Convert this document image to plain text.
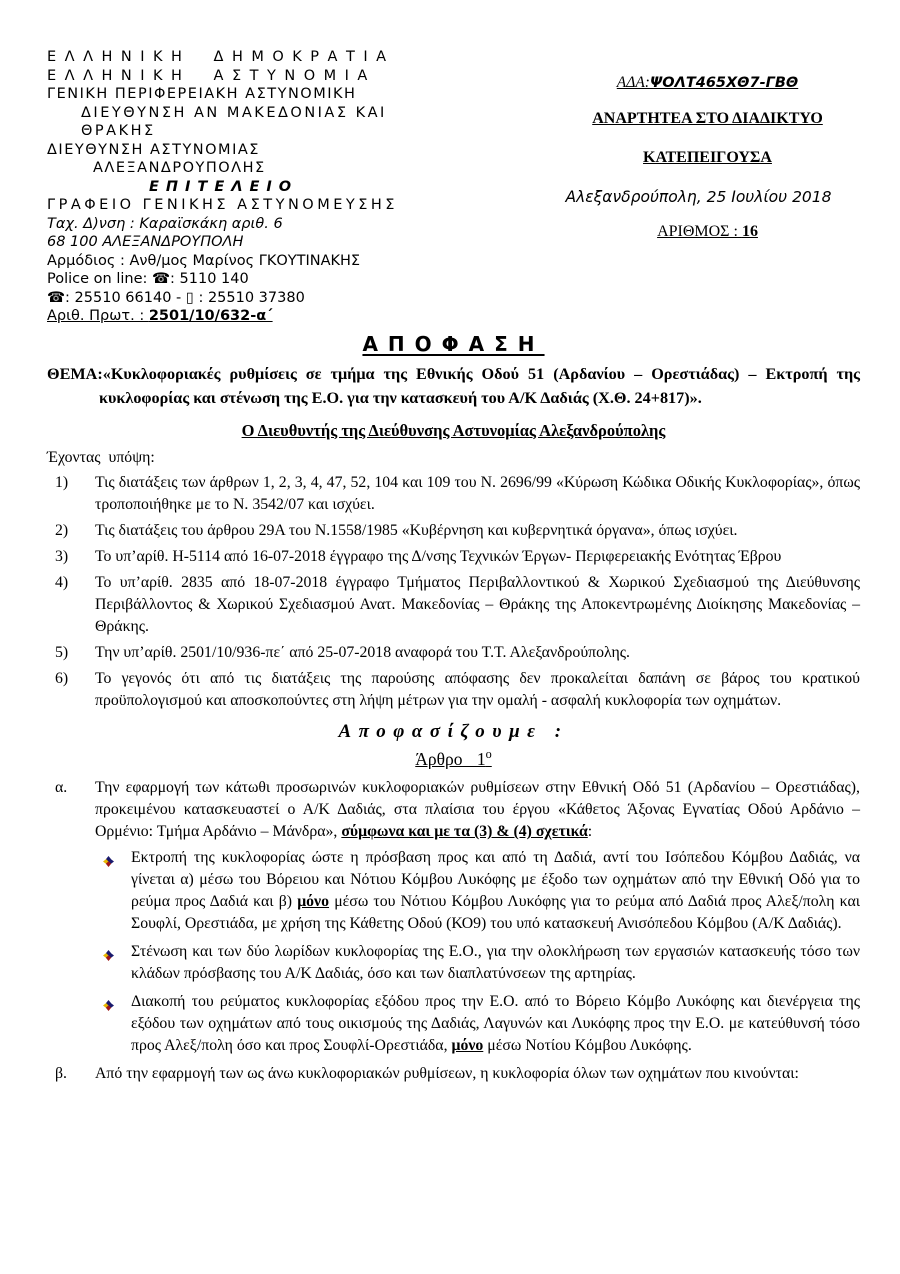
ΕΛΛΗΝΙΚΗ ΔΗΜΟΚΡΑΤΙΑ
ΕΛΛΗΝΙΚΗ ΑΣΤΥΝΟΜΙΑ
ΓΕΝΙΚΗ ΠΕΡΙΦΕΡΕΙΑΚΗ ΑΣΤΥΝΟΜΙΚΗ
ΔΙΕΥΘΥΝΣΗ ΑΝ ΜΑΚΕΔΟΝΙΑΣ ΚΑΙ
ΘΡΑΚΗΣ
ΔΙΕΥΘΥΝΣΗ ΑΣΤΥΝΟΜΙΑΣ
ΑΛΕΞΑΝΔΡΟΥΠΟΛΗΣ
ΕΠΙΤΕΛΕΙΟ
ΓΡΑΦΕΙΟ ΓΕΝΙΚΗΣ ΑΣΤΥΝΟΜΕΥΣΗΣ
Ταχ. Δ)νση : Καραϊσκάκη αριθ. 6
68 100 ΑΛΕΞΑΝΔΡΟΥΠΟΛΗ
Αρμόδιος : Ανθ/μος Μαρίνος ΓΚΟΥΤΙΝΑΚΗΣ
Police on line: ☎: 5110 140
☎: 25510 66140 - ▯ : 25510 37380
Αριθ. Πρωτ. : 2501/10/632-α΄
ΑΔΑ:ΨΟΛΤ465ΧΘ7-ΓΒΘ
ΑΝΑΡΤΗΤΕΑ ΣΤΟ ΔΙΑΔΙΚΤΥΟ
ΚΑΤΕΠΕΙΓΟΥΣΑ
Αλεξανδρούπολη, 25 Ιουλίου 2018
ΑΡΙΘΜΟΣ : 16
ΑΠΟΦΑΣΗ
ΘΕΜΑ:«Κυκλοφοριακές ρυθμίσεις σε τμήμα της Εθνικής Οδού 51 (Αρδανίου – Ορεστιάδας) – Εκτροπή της κυκλοφορίας και στένωση της Ε.Ο. για την κατασκευή του Α/Κ Δαδιάς (Χ.Θ. 24+817)».
Ο Διευθυντής της Διεύθυνσης Αστυνομίας Αλεξανδρούπολης
Έχοντας υπόψη:
1)	Τις διατάξεις των άρθρων 1, 2, 3, 4, 47, 52, 104 και 109 του Ν. 2696/99 «Κύρωση Κώδικα Οδικής Κυκλοφορίας», όπως τροποποιήθηκε με το Ν. 3542/07 και ισχύει.
2)	Τις διατάξεις του άρθρου 29Α του Ν.1558/1985 «Κυβέρνηση και κυβερνητικά όργανα», όπως ισχύει.
3)	Το υπ’αρίθ. Η-5114 από 16-07-2018 έγγραφο της Δ/νσης Τεχνικών Έργων- Περιφερειακής Ενότητας Έβρου
4)	Το υπ’αρίθ. 2835 από 18-07-2018 έγγραφο Τμήματος Περιβαλλοντικού & Χωρικού Σχεδιασμού της Διεύθυνσης Περιβάλλοντος & Χωρικού Σχεδιασμού Ανατ. Μακεδονίας – Θράκης της Αποκεντρωμένης Διοίκησης Μακεδονίας –Θράκης.
5)	Την υπ’αρίθ. 2501/10/936-πε΄ από 25-07-2018 αναφορά του Τ.Τ. Αλεξανδρούπολης.
6)	Το γεγονός ότι από τις διατάξεις της παρούσης απόφασης δεν προκαλείται δαπάνη σε βάρος του κρατικού προϋπολογισμού και αποσκοπούντες στη λήψη μέτρων για την ομαλή - ασφαλή κυκλοφορία των οχημάτων.
Αποφασίζουμε :
Άρθρο $1^o$
α.	Την εφαρμογή των κάτωθι προσωρινών κυκλοφοριακών ρυθμίσεων στην Εθνική Οδό 51 (Αρδανίου – Ορεστιάδας), προκειμένου κατασκευαστεί ο Α/Κ Δαδιάς, στα πλαίσια του έργου «Κάθετος Άξονας Εγνατίας Οδού Αρδάνιο – Ορμένιο: Τμήμα Αρδάνιο – Μάνδρα», σύμφωνα και με τα (3) & (4) σχετικά:
Εκτροπή της κυκλοφορίας ώστε η πρόσβαση προς και από τη Δαδιά, αντί του Ισόπεδου Κόμβου Δαδιάς, να γίνεται α) μέσω του Βόρειου και Νότιου Κόμβου Λυκόφης με έξοδο των οχημάτων από την Εθνική Οδό για το ρεύμα προς Δαδιά και β) μόνο μέσω του Νότιου Κόμβου Λυκόφης για το ρεύμα από Δαδιά προς Αλεξ/πολη και Σουφλί, Ορεστιάδα, με χρήση της Κάθετης Οδού (ΚΟ9) του υπό κατασκευή Ανισόπεδου Κόμβου (Α/Κ Δαδιάς).
Στένωση και των δύο λωρίδων κυκλοφορίας της Ε.Ο., για την ολοκλήρωση των εργασιών κατασκευής τόσο των κλάδων πρόσβασης του Α/Κ Δαδιάς, όσο και των διαπλατύνσεων της αρτηρίας.
Διακοπή του ρεύματος κυκλοφορίας εξόδου προς την Ε.Ο. από το Βόρειο Κόμβο Λυκόφης και διενέργεια της εξόδου των οχημάτων από τους οικισμούς της Δαδιάς, Λαγυνών και Λυκόφης προς την Ε.Ο. με κατεύθυνσή τόσο προς Αλεξ/πολη όσο και προς Σουφλί-Ορεστιάδα, μόνο μέσω Νοτίου Κόμβου Λυκόφης.
β.	Από την εφαρμογή των ως άνω κυκλοφοριακών ρυθμίσεων, η κυκλοφορία όλων των οχημάτων που κινούνται:
